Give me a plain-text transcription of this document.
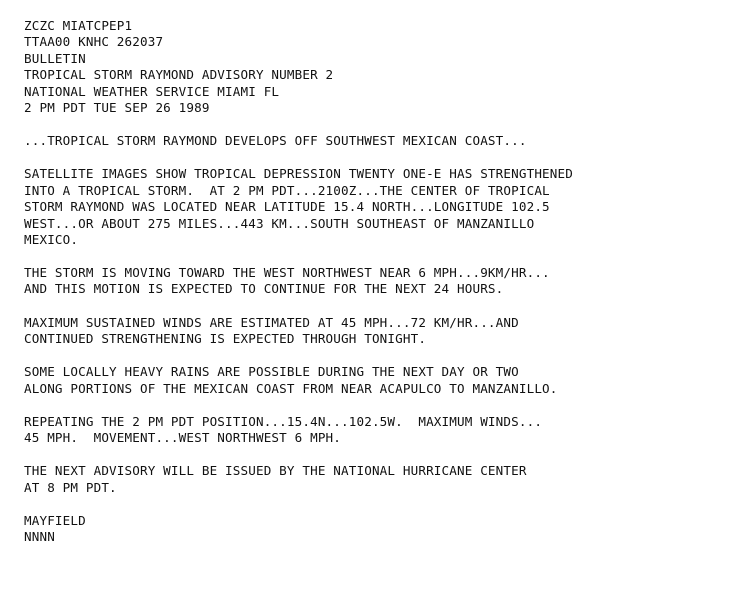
ZCZC MIATCPEP1
TTAA00 KNHC 262037
BULLETIN
TROPICAL STORM RAYMOND ADVISORY NUMBER 2
NATIONAL WEATHER SERVICE MIAMI FL
2 PM PDT TUE SEP 26 1989
...TROPICAL STORM RAYMOND DEVELOPS OFF SOUTHWEST MEXICAN COAST...
SATELLITE IMAGES SHOW TROPICAL DEPRESSION TWENTY ONE-E HAS STRENGTHENED
INTO A TROPICAL STORM.  AT 2 PM PDT...2100Z...THE CENTER OF TROPICAL
STORM RAYMOND WAS LOCATED NEAR LATITUDE 15.4 NORTH...LONGITUDE 102.5
WEST...OR ABOUT 275 MILES...443 KM...SOUTH SOUTHEAST OF MANZANILLO
MEXICO.
THE STORM IS MOVING TOWARD THE WEST NORTHWEST NEAR 6 MPH...9KM/HR...
AND THIS MOTION IS EXPECTED TO CONTINUE FOR THE NEXT 24 HOURS.
MAXIMUM SUSTAINED WINDS ARE ESTIMATED AT 45 MPH...72 KM/HR...AND
CONTINUED STRENGTHENING IS EXPECTED THROUGH TONIGHT.
SOME LOCALLY HEAVY RAINS ARE POSSIBLE DURING THE NEXT DAY OR TWO
ALONG PORTIONS OF THE MEXICAN COAST FROM NEAR ACAPULCO TO MANZANILLO.
REPEATING THE 2 PM PDT POSITION...15.4N...102.5W.  MAXIMUM WINDS...
45 MPH.  MOVEMENT...WEST NORTHWEST 6 MPH.
THE NEXT ADVISORY WILL BE ISSUED BY THE NATIONAL HURRICANE CENTER
AT 8 PM PDT.
MAYFIELD
NNNN
